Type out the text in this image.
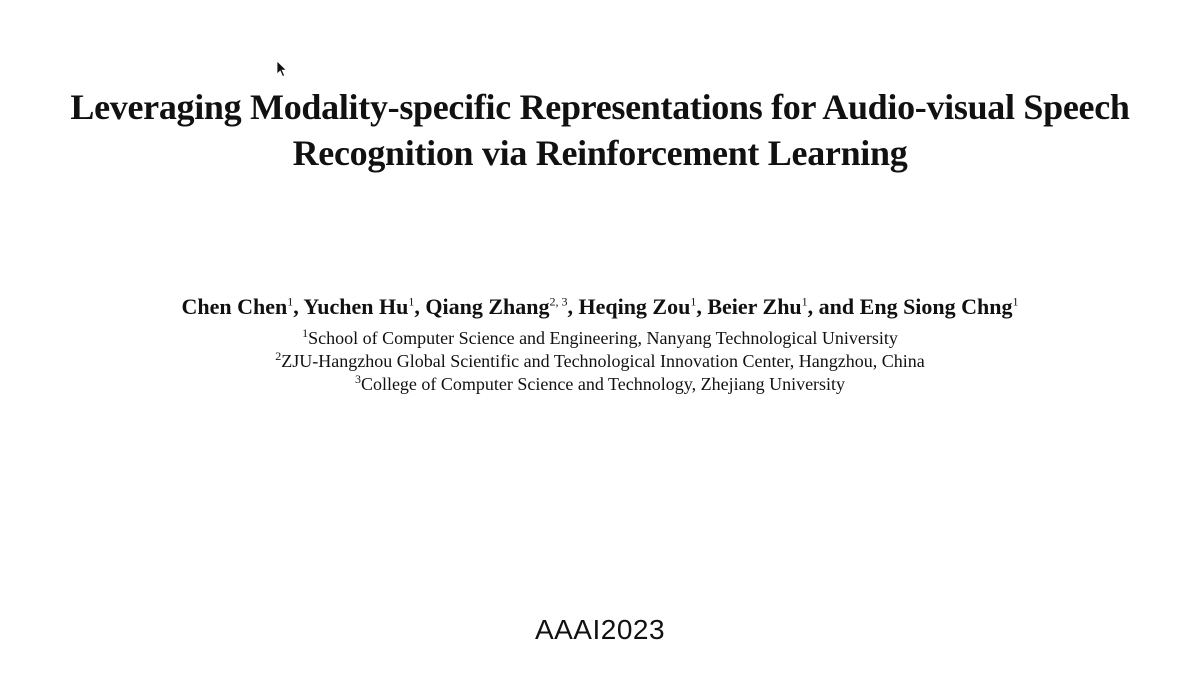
Leveraging Modality-specific Representations for Audio-visual Speech
Recognition via Reinforcement Learning

Chen Chen$^1$, Yuchen Hu$^1$, Qiang Zhang$^{2, 3}$, Heqing Zou$^1$, Beier Zhu$^1$, and Eng Siong Chng$^1$

$^1$School of Computer Science and Engineering, Nanyang Technological University
$^2$ZJU-Hangzhou Global Scientific and Technological Innovation Center, Hangzhou, China
$^3$College of Computer Science and Technology, Zhejiang University

AAAI2023
